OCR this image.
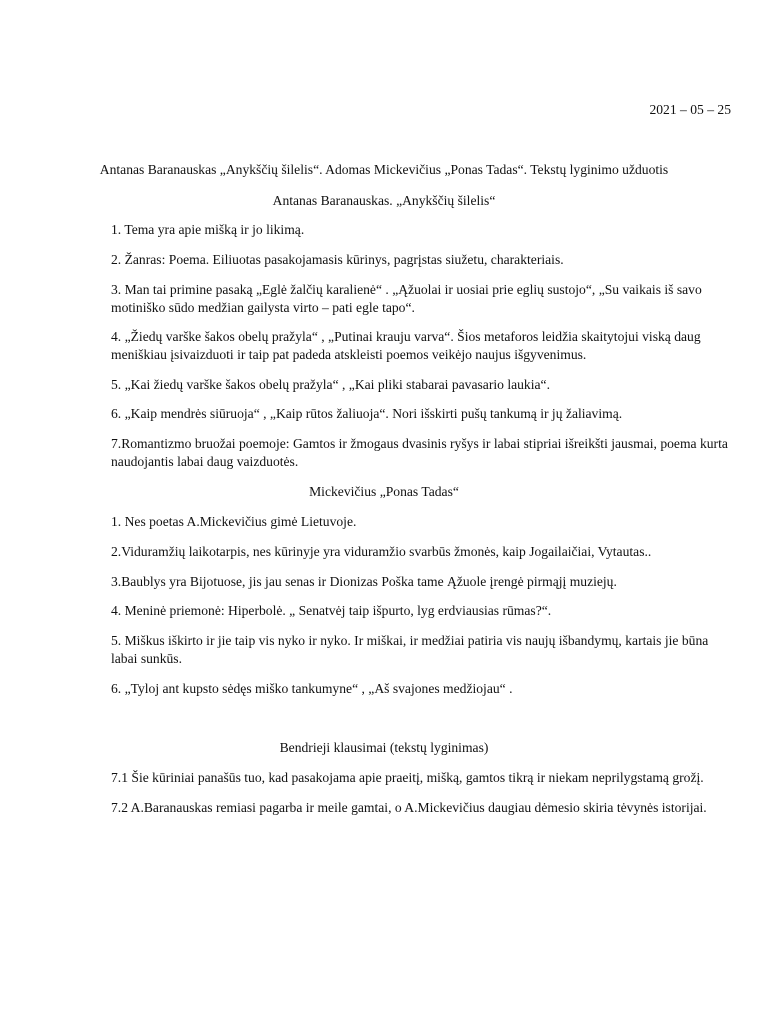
2021 – 05 – 25
Antanas Baranauskas „Anykščių šilelis“. Adomas Mickevičius „Ponas Tadas“. Tekstų lyginimo užduotis
Antanas Baranauskas. „Anykščių šilelis“
1. Tema yra apie mišką ir jo likimą.
2. Žanras: Poema. Eiliuotas pasakojamasis kūrinys, pagrįstas siužetu, charakteriais.
3. Man tai primine pasaką „Eglė žalčių karalienė“ . „Ąžuolai ir uosiai prie eglių sustojo“, „Su vaikais iš savo motiniško sūdo medžian gailysta virto – pati egle tapo“.
4. „Žiedų varške šakos obelų pražyla“ , „Putinai krauju varva“. Šios metaforos leidžia skaitytojui viską daug meniškiau įsivaizduoti ir taip pat padeda atskleisti poemos veikėjo naujus išgyvenimus.
5. „Kai žiedų varške šakos obelų pražyla“ , „Kai pliki stabarai pavasario laukia“.
6. „Kaip mendrės siūruoja“ , „Kaip rūtos žaliuoja“. Nori išskirti pušų tankumą ir jų žaliavimą.
7.Romantizmo bruožai poemoje: Gamtos ir žmogaus dvasinis ryšys ir labai stipriai išreikšti jausmai, poema kurta naudojantis labai daug vaizduotės.
Mickevičius „Ponas Tadas“
1. Nes poetas A.Mickevičius gimė Lietuvoje.
2.Viduramžių laikotarpis, nes kūrinyje yra viduramžio svarbūs žmonės, kaip Jogailaičiai, Vytautas..
3.Baublys yra Bijotuose, jis jau senas ir Dionizas Poška tame Ąžuole įrengė pirmąjį muziejų.
4. Meninė priemonė: Hiperbolė. „ Senatvėj taip išpurto, lyg erdviausias rūmas?“.
5. Miškus iškirto ir jie taip vis nyko ir nyko. Ir miškai, ir medžiai patiria vis naujų išbandymų, kartais jie būna labai sunkūs.
6. „Tyloj ant kupsto sėdęs miško tankumyne“ , „Aš svajones medžiojau“ .
Bendrieji klausimai (tekstų lyginimas)
7.1 Šie kūriniai panašūs tuo, kad pasakojama apie praeitį, mišką, gamtos tikrą ir niekam neprilygstamą grožį.
7.2 A.Baranauskas remiasi pagarba ir meile gamtai, o A.Mickevičius daugiau dėmesio skiria tėvynės istorijai.
